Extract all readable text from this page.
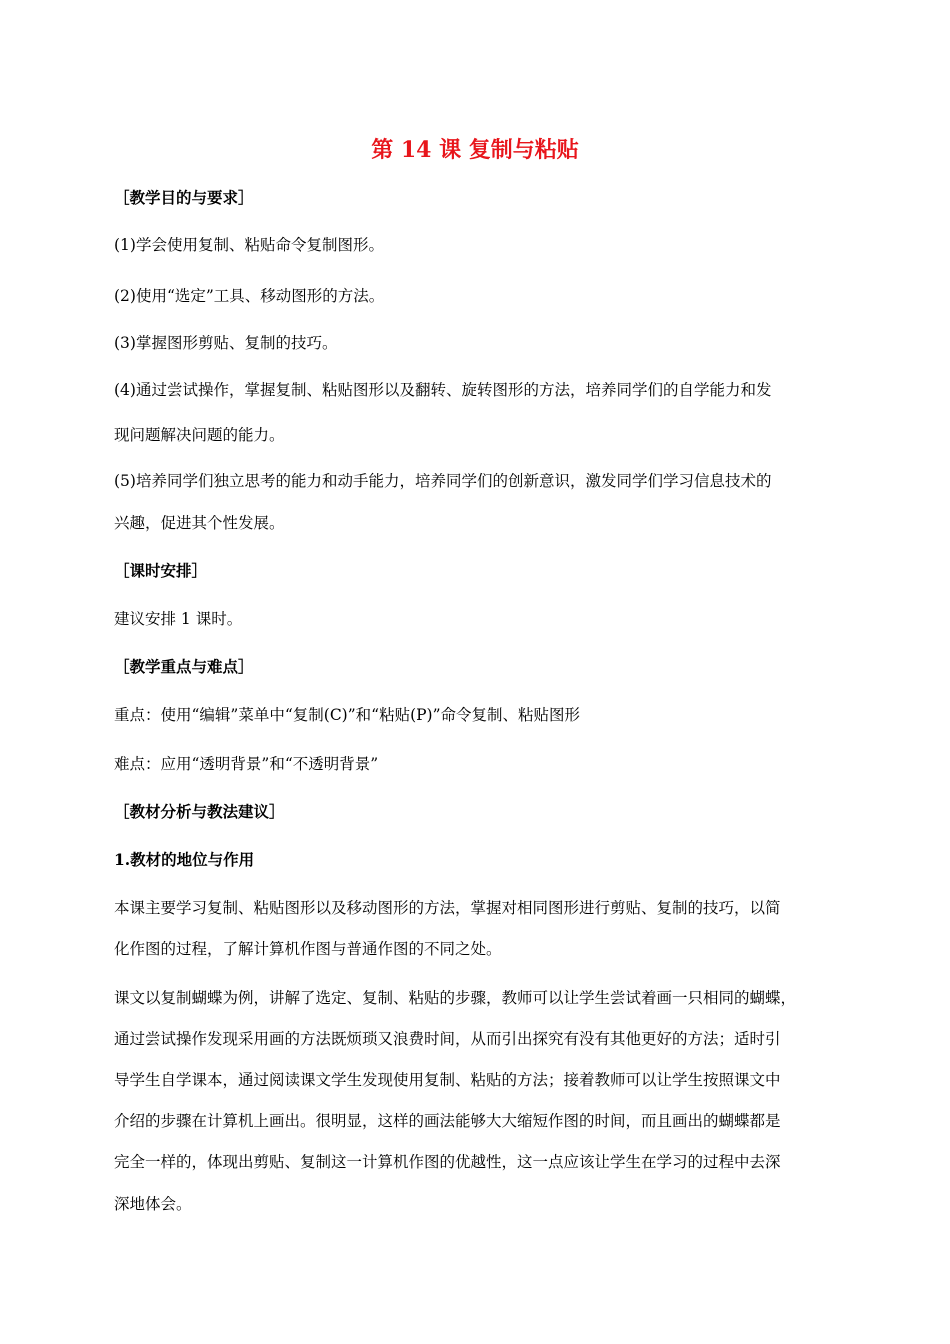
第 14 课 复制与粘贴
［教学目的与要求］
(1)学会使用复制、粘贴命令复制图形。
(2)使用“选定”工具、移动图形的方法。
(3)掌握图形剪贴、复制的技巧。
(4)通过尝试操作，掌握复制、粘贴图形以及翻转、旋转图形的方法，培养同学们的自学能力和发
现问题解决问题的能力。
(5)培养同学们独立思考的能力和动手能力，培养同学们的创新意识，激发同学们学习信息技术的
兴趣，促进其个性发展。
［课时安排］
建议安排 1 课时。
［教学重点与难点］
重点：使用“编辑”菜单中“复制(C)”和“粘贴(P)”命令复制、粘贴图形
难点：应用“透明背景”和“不透明背景”
［教材分析与教法建议］
1.教材的地位与作用
本课主要学习复制、粘贴图形以及移动图形的方法，掌握对相同图形进行剪贴、复制的技巧，以简
化作图的过程，了解计算机作图与普通作图的不同之处。
课文以复制蝴蝶为例，讲解了选定、复制、粘贴的步骤，教师可以让学生尝试着画一只相同的蝴蝶，
通过尝试操作发现采用画的方法既烦琐又浪费时间，从而引出探究有没有其他更好的方法；适时引
导学生自学课本，通过阅读课文学生发现使用复制、粘贴的方法；接着教师可以让学生按照课文中
介绍的步骤在计算机上画出。很明显，这样的画法能够大大缩短作图的时间，而且画出的蝴蝶都是
完全一样的，体现出剪贴、复制这一计算机作图的优越性，这一点应该让学生在学习的过程中去深
深地体会。
